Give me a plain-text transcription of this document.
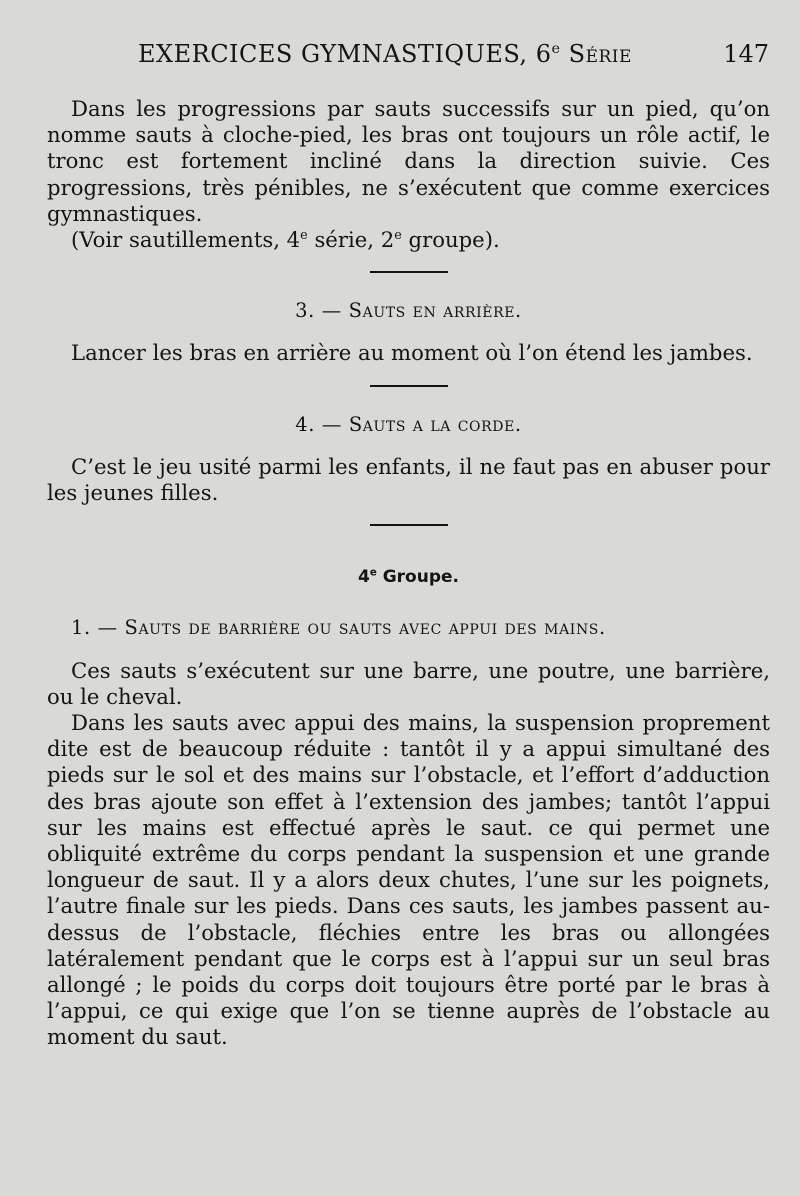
EXERCICES GYMNASTIQUES, 6e Série	147

Dans les progressions par sauts successifs sur un pied, qu’on nomme sauts à cloche-pied, les bras ont toujours un rôle actif, le tronc est fortement incliné dans la direction suivie. Ces progressions, très pénibles, ne s’exécutent que comme exercices gymnastiques.

(Voir sautillements, 4e série, 2e groupe).

3. — Sauts en arrière.

Lancer les bras en arrière au moment où l’on étend les jambes.

4. — Sauts a la corde.

C’est le jeu usité parmi les enfants, il ne faut pas en abuser pour les jeunes filles.

4e Groupe.
1. — Sauts de barrière ou sauts avec appui des mains.

Ces sauts s’exécutent sur une barre, une poutre, une barrière, ou le cheval.

Dans les sauts avec appui des mains, la suspension proprement dite est de beaucoup réduite : tantôt il y a appui simultané des pieds sur le sol et des mains sur l’obstacle, et l’effort d’adduction des bras ajoute son effet à l’extension des jambes; tantôt l’appui sur les mains est effectué après le saut. ce qui permet une obliquité extrême du corps pendant la suspension et une grande longueur de saut. Il y a alors deux chutes, l’une sur les poignets, l’autre finale sur les pieds. Dans ces sauts, les jambes passent au-dessus de l’obstacle, fléchies entre les bras ou allongées latéralement pendant que le corps est à l’appui sur un seul bras allongé ; le poids du corps doit toujours être porté par le bras à l’appui, ce qui exige que l’on se tienne auprès de l’obstacle au moment du saut.
